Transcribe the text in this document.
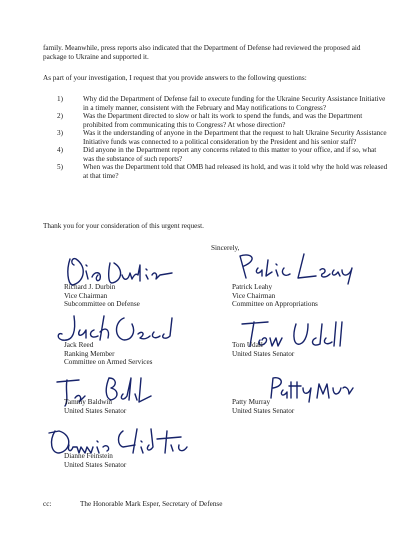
family. Meanwhile, press reports also indicated that the Department of Defense had reviewed the proposed aid package to Ukraine and supported it.

As part of your investigation, I request that you provide answers to the following questions:

1)	Why did the Department of Defense fail to execute funding for the Ukraine Security Assistance Initiative in a timely manner, consistent with the February and May notifications to Congress?
2)	Was the Department directed to slow or halt its work to spend the funds, and was the Department prohibited from communicating this to Congress? At whose direction?
3)	Was it the understanding of anyone in the Department that the request to halt Ukraine Security Assistance Initiative funds was connected to a political consideration by the President and his senior staff?
4)	Did anyone in the Department report any concerns related to this matter to your office, and if so, what was the substance of such reports?
5)	When was the Department told that OMB had released its hold, and was it told why the hold was released at that time?

Thank you for your consideration of this urgent request.

Sincerely,

Richard J. Durbin
Vice Chairman
Subcommittee on Defense
Patrick Leahy
Vice Chairman
Committee on Appropriations
Jack Reed
Ranking Member
Committee on Armed Services
Tom Udall
United States Senator
Tammy Baldwin
United States Senator
Patty Murray
United States Senator
Dianne Feinstein
United States Senator
cc:	The Honorable Mark Esper, Secretary of Defense
